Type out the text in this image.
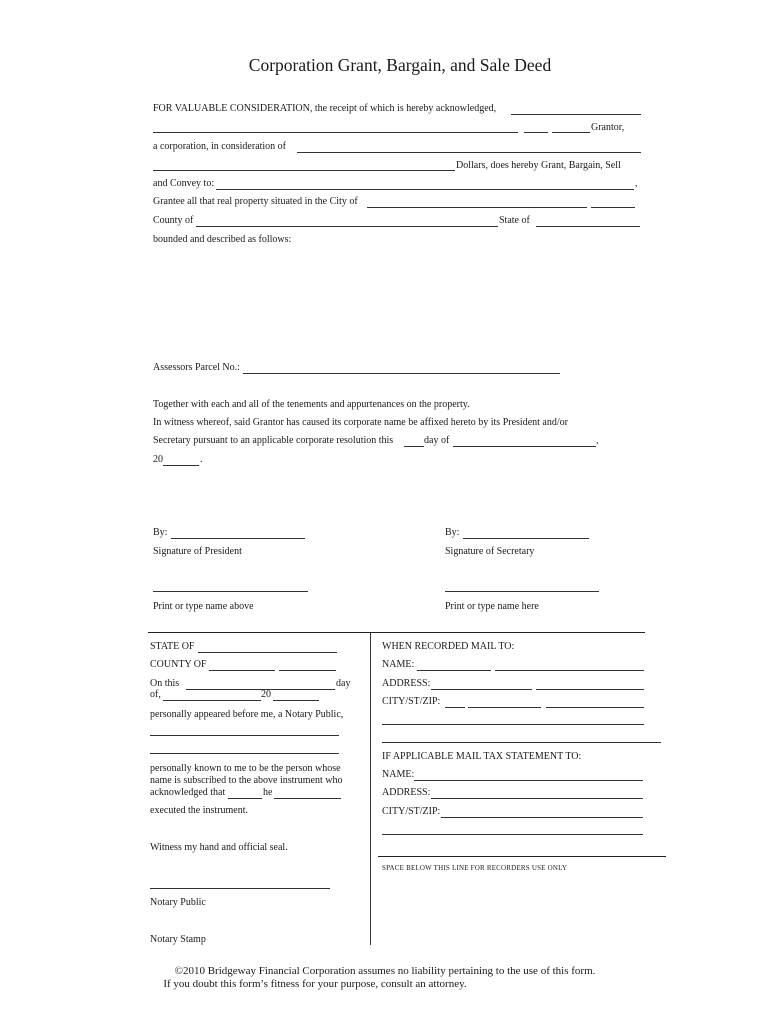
Corporation Grant, Bargain, and Sale Deed
FOR VALUABLE CONSIDERATION, the receipt of which is hereby acknowledged,
Grantor,
a corporation, in consideration of
Dollars, does hereby Grant, Bargain, Sell
and Convey to:	,
Grantee all that real property situated in the City of
County of	State of
bounded and described as follows:
Assessors Parcel No.:
Together with each and all of the tenements and appurtenances on the property.
In witness whereof, said Grantor has caused its corporate name be affixed hereto by its President and/or
Secretary pursuant to an applicable corporate resolution this	day of	,
20	.
By:	By:
Signature of President	Signature of Secretary
Print or type name above	Print or type name here
STATE OF
COUNTY OF
On this	day
of,	20
personally appeared before me, a Notary Public,
personally known to me to be the person whose
name is subscribed to the above instrument who
acknowledged that	he
executed the instrument.
Witness my hand and official seal.
Notary Public
Notary Stamp
WHEN RECORDED MAIL TO:
NAME:
ADDRESS:
CITY/ST/ZIP:
IF APPLICABLE MAIL TAX STATEMENT TO:
NAME:
ADDRESS:
CITY/ST/ZIP:
SPACE BELOW THIS LINE FOR RECORDERS USE ONLY
©2010 Bridgeway Financial Corporation assumes no liability pertaining to the use of this form.
If you doubt this form’s fitness for your purpose, consult an attorney.
